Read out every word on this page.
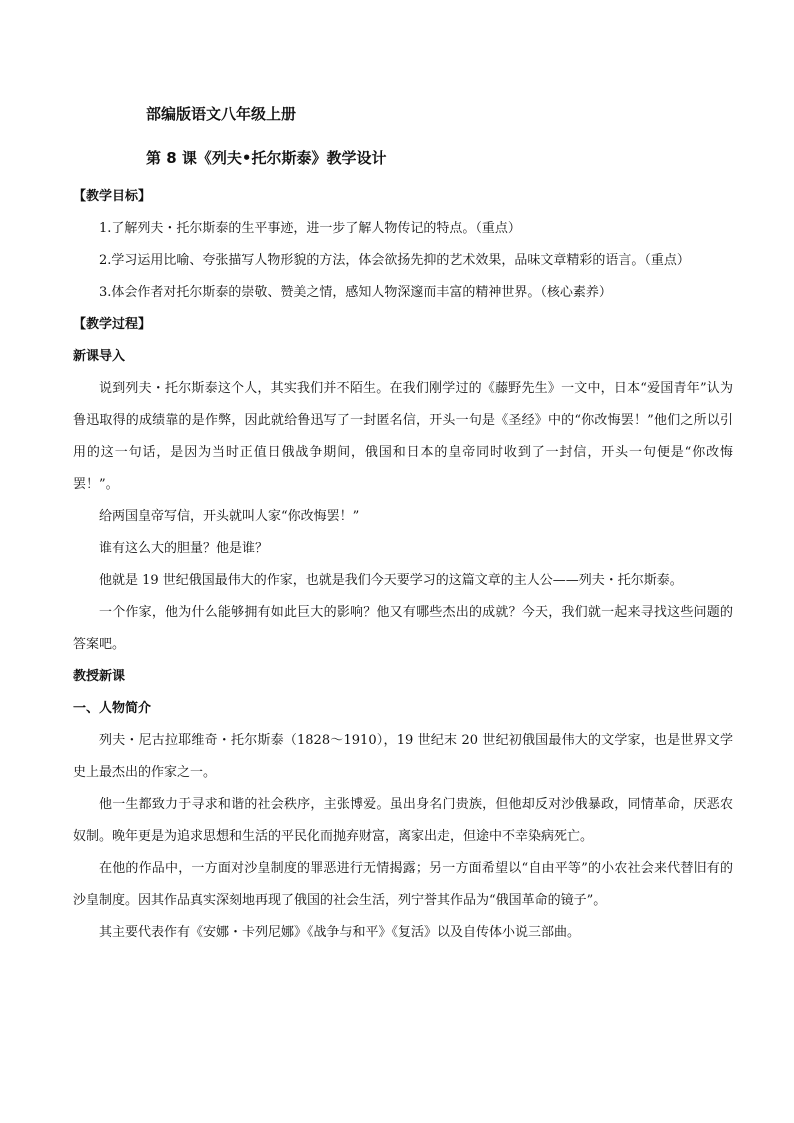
部编版语文八年级上册
第 8 课《列夫•托尔斯泰》教学设计

【教学目标】

1.了解列夫・托尔斯泰的生平事迹，进一步了解人物传记的特点。（重点）

2.学习运用比喻、夸张描写人物形貌的方法，体会欲扬先抑的艺术效果，品味文章精彩的语言。（重点）

3.体会作者对托尔斯泰的崇敬、赞美之情，感知人物深邃而丰富的精神世界。（核心素养）

【教学过程】

新课导入

说到列夫・托尔斯泰这个人，其实我们并不陌生。在我们刚学过的《藤野先生》一文中，日本“爱国青年”认为鲁迅取得的成绩靠的是作弊，因此就给鲁迅写了一封匿名信，开头一句是《圣经》中的“你改悔罢！”他们之所以引用的这一句话，是因为当时正值日俄战争期间，俄国和日本的皇帝同时收到了一封信，开头一句便是“你改悔罢！”。

给两国皇帝写信，开头就叫人家“你改悔罢！”

谁有这么大的胆量？他是谁？

他就是 19 世纪俄国最伟大的作家，也就是我们今天要学习的这篇文章的主人公——列夫・托尔斯泰。

一个作家，他为什么能够拥有如此巨大的影响？他又有哪些杰出的成就？今天，我们就一起来寻找这些问题的答案吧。

教授新课

一、人物简介

列夫・尼古拉耶维奇・托尔斯泰（1828～1910），19 世纪末 20 世纪初俄国最伟大的文学家，也是世界文学史上最杰出的作家之一。

他一生都致力于寻求和谐的社会秩序，主张博爱。虽出身名门贵族，但他却反对沙俄暴政，同情革命，厌恶农奴制。晚年更是为追求思想和生活的平民化而抛弃财富，离家出走，但途中不幸染病死亡。

在他的作品中，一方面对沙皇制度的罪恶进行无情揭露；另一方面希望以“自由平等”的小农社会来代替旧有的沙皇制度。因其作品真实深刻地再现了俄国的社会生活，列宁誉其作品为“俄国革命的镜子”。

其主要代表作有《安娜・卡列尼娜》《战争与和平》《复活》以及自传体小说三部曲。
